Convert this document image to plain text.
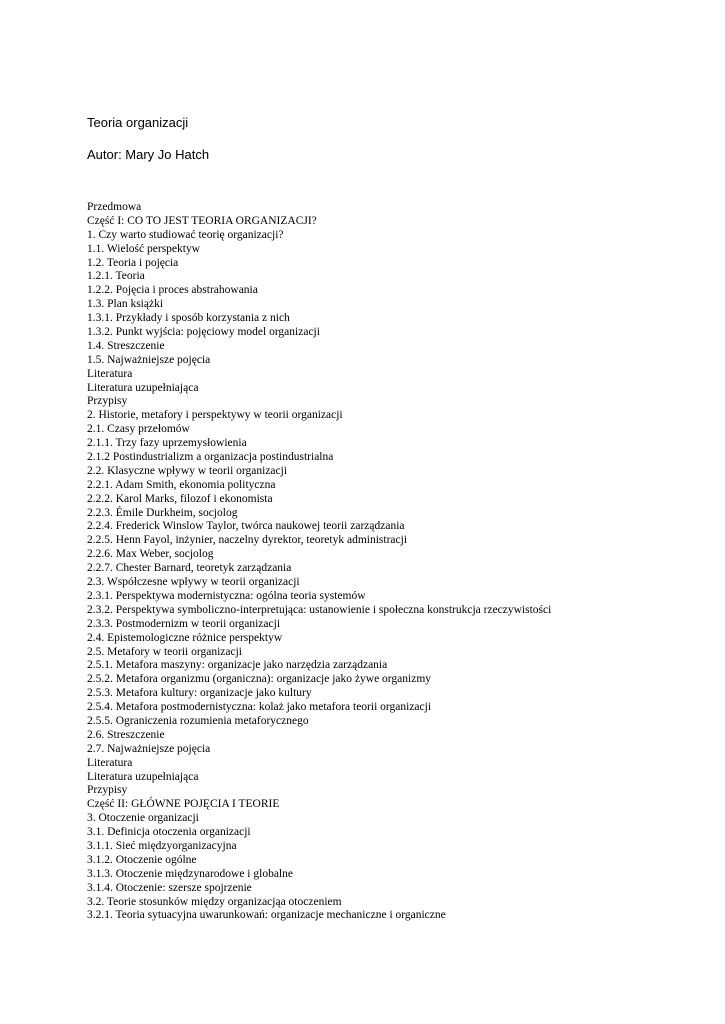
Teoria organizacji
Autor: Mary Jo Hatch
Przedmowa
Część I: CO TO JEST TEORIA ORGANIZACJI?
1. Czy warto studiować teorię organizacji?
1.1. Wielość perspektyw
1.2. Teoria i pojęcia
1.2.1. Teoria
1.2.2. Pojęcia i proces abstrahowania
1.3. Plan książki
1.3.1. Przykłady i sposób korzystania z nich
1.3.2. Punkt wyjścia: pojęciowy model organizacji
1.4. Streszczenie
1.5. Najważniejsze pojęcia
Literatura
Literatura uzupełniająca
Przypisy
2. Historie, metafory i perspektywy w teorii organizacji
2.1. Czasy przełomów
2.1.1. Trzy fazy uprzemysłowienia
2.1.2 Postindustrializm a organizacja postindustrialna
2.2. Klasyczne wpływy w teorii organizacji
2.2.1. Adam Smith, ekonomia polityczna
2.2.2. Karol Marks, filozof i ekonomista
2.2.3. Émile Durkheim, socjolog
2.2.4. Frederick Winslow Taylor, twórca naukowej teorii zarządzania
2.2.5. Henn Fayol, inżynier, naczelny dyrektor, teoretyk administracji
2.2.6. Max Weber, socjolog
2.2.7. Chester Barnard, teoretyk zarządzania
2.3. Współczesne wpływy w teorii organizacji
2.3.1. Perspektywa modernistyczna: ogólna teoria systemów
2.3.2. Perspektywa symboliczno-interpretująca: ustanowienie i społeczna konstrukcja rzeczywistości
2.3.3. Postmodernizm w teorii organizacji
2.4. Epistemologiczne różnice perspektyw
2.5. Metafory w teorii organizacji
2.5.1. Metafora maszyny: organizacje jako narzędzia zarządzania
2.5.2. Metafora organizmu (organiczna): organizacje jako żywe organizmy
2.5.3. Metafora kultury: organizacje jako kultury
2.5.4. Metafora postmodernistyczna: kolaż jako metafora teorii organizacji
2.5.5. Ograniczenia rozumienia metaforycznego
2.6. Streszczenie
2.7. Najważniejsze pojęcia
Literatura
Literatura uzupełniająca
Przypisy
Część II: GŁÓWNE POJĘCIA I TEORIE
3. Otoczenie organizacji
3.1. Definicja otoczenia organizacji
3.1.1. Sieć międzyorganizacyjna
3.1.2. Otoczenie ogólne
3.1.3. Otoczenie międzynarodowe i globalne
3.1.4. Otoczenie: szersze spojrzenie
3.2. Teorie stosunków między organizacjąa otoczeniem
3.2.1. Teoria sytuacyjna uwarunkowań: organizacje mechaniczne i organiczne
